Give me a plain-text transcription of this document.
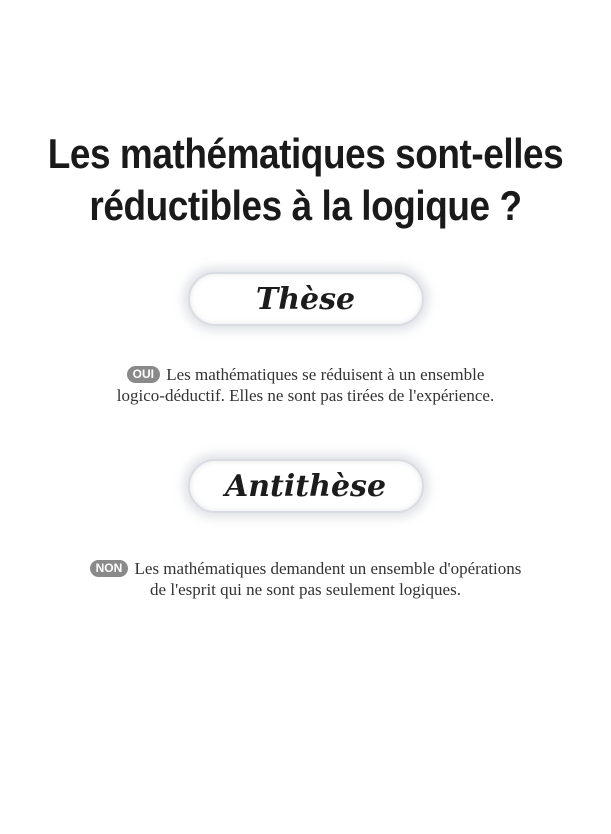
Les mathématiques sont-elles
réductibles à la logique ?
Thèse
OUI Les mathématiques se réduisent à un ensemble
logico-déductif. Elles ne sont pas tirées de l'expérience.
Antithèse
NON Les mathématiques demandent un ensemble d'opérations
de l'esprit qui ne sont pas seulement logiques.
